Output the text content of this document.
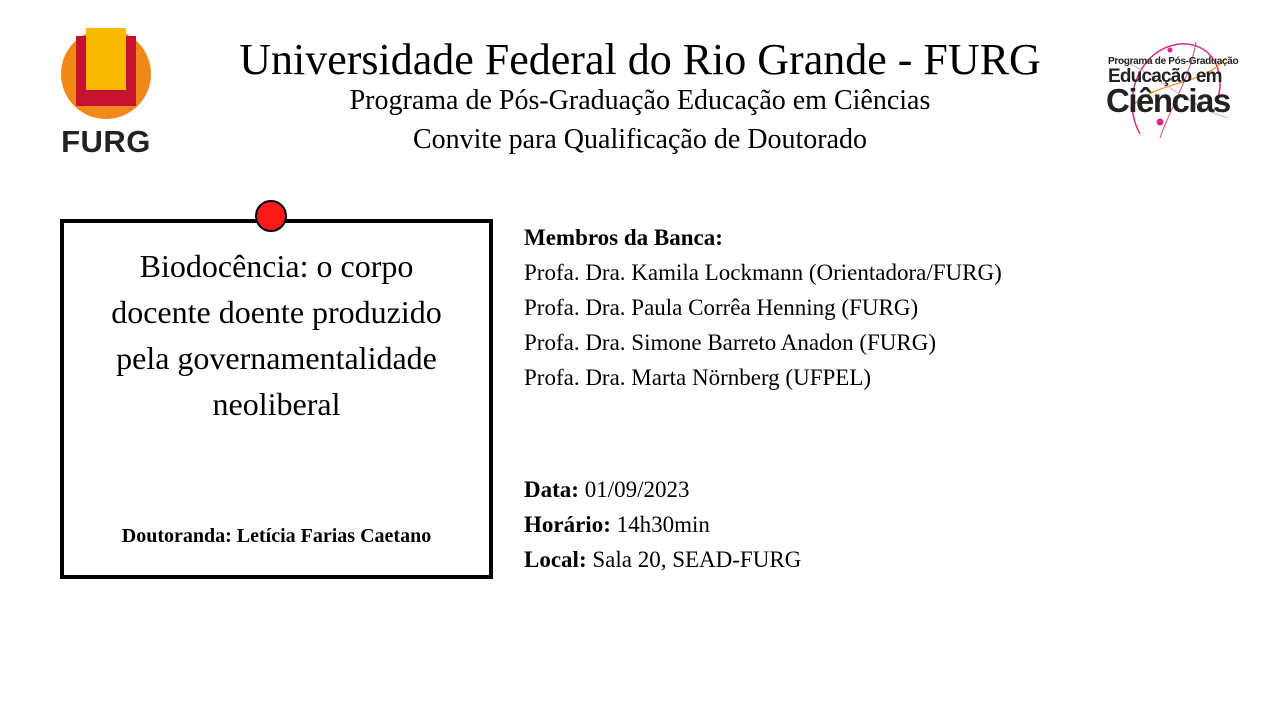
FURG
Universidade Federal do Rio Grande - FURG
Programa de Pós-Graduação Educação em Ciências
Convite para Qualificação de Doutorado
Programa de Pós-Graduação
Educação em
Ciências
Biodocência: o corpo docente doente produzido pela governamentalidade neoliberal
Doutoranda: Letícia Farias Caetano
Membros da Banca:
Profa. Dra. Kamila Lockmann (Orientadora/FURG)
Profa. Dra. Paula Corrêa Henning (FURG)
Profa. Dra. Simone Barreto Anadon (FURG)
Profa. Dra. Marta Nörnberg (UFPEL)
Data: 01/09/2023
Horário: 14h30min
Local: Sala 20, SEAD-FURG
